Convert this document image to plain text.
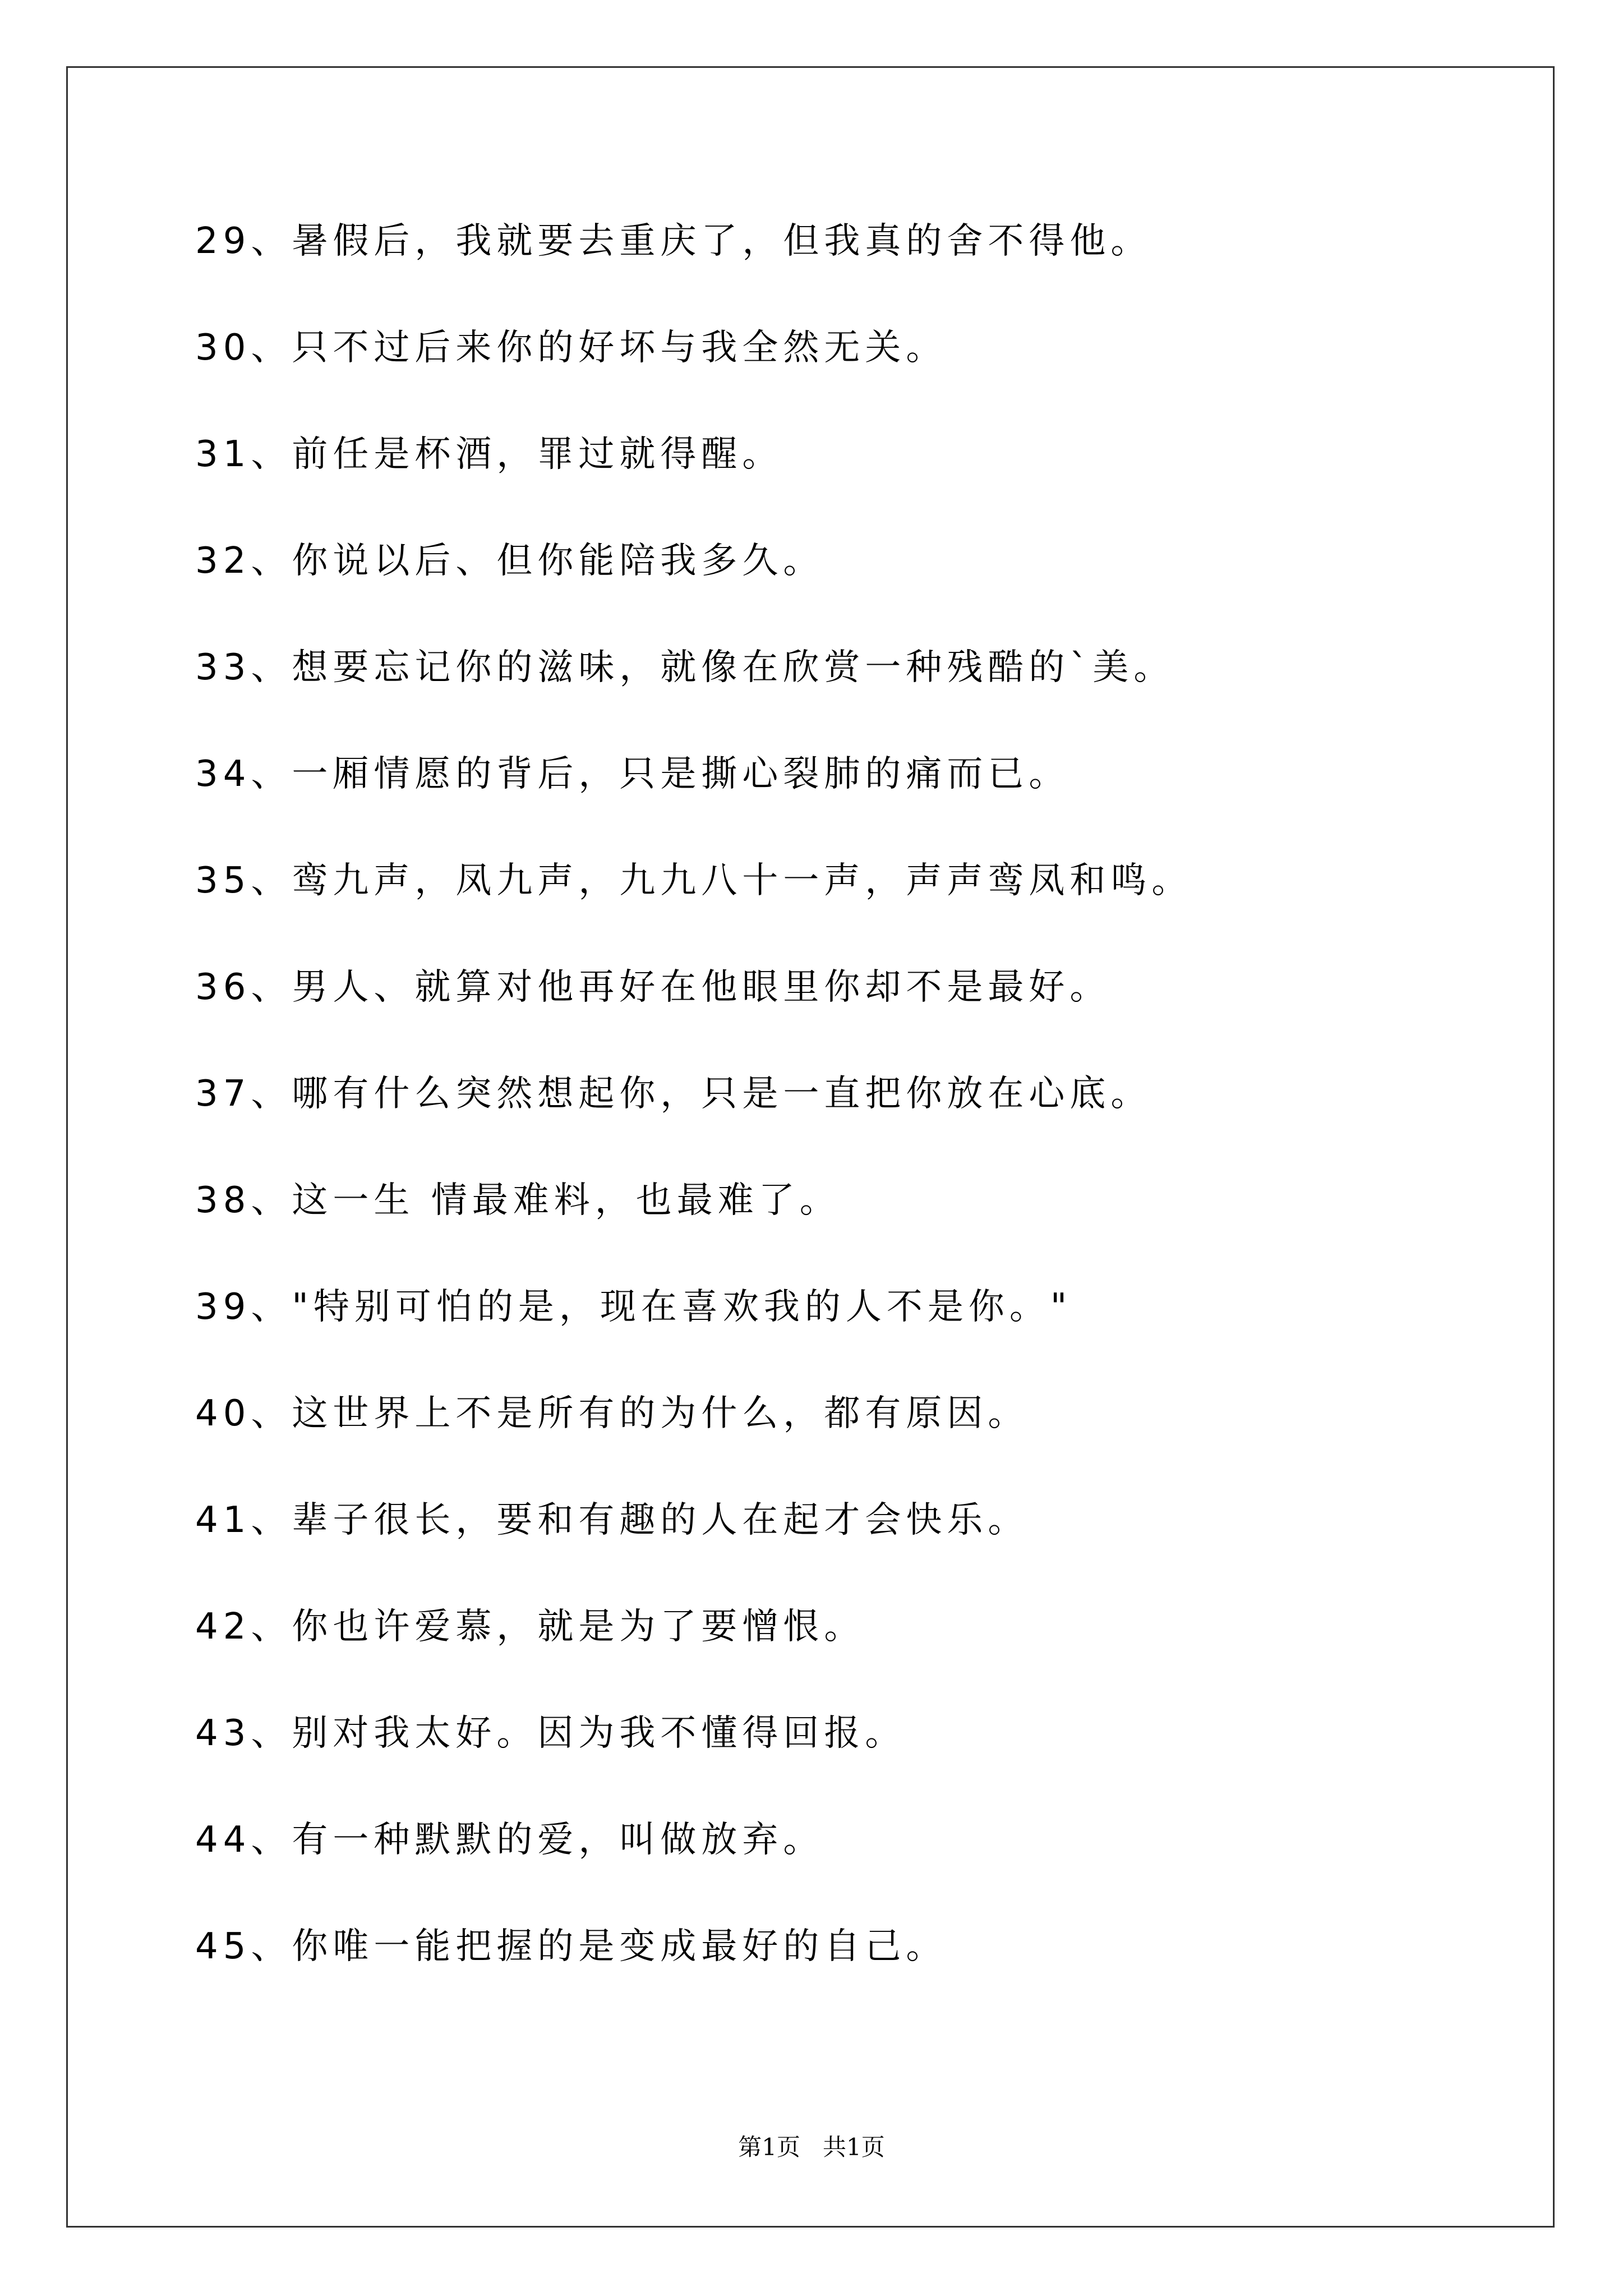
29、暑假后，我就要去重庆了，但我真的舍不得他。
30、只不过后来你的好坏与我全然无关。
31、前任是杯酒，罪过就得醒。
32、你说以后、但你能陪我多久。
33、想要忘记你的滋味，就像在欣赏一种残酷的`美。
34、一厢情愿的背后，只是撕心裂肺的痛而已。
35、鸾九声，凤九声，九九八十一声，声声鸾凤和鸣。
36、男人、就算对他再好在他眼里你却不是最好。
37、哪有什么突然想起你，只是一直把你放在心底。
38、这一生 情最难料，也最难了。
39、"特别可怕的是，现在喜欢我的人不是你。"
40、这世界上不是所有的为什么，都有原因。
41、辈子很长，要和有趣的人在起才会快乐。
42、你也许爱慕，就是为了要憎恨。
43、别对我太好。因为我不懂得回报。
44、有一种默默的爱，叫做放弃。
45、你唯一能把握的是变成最好的自己。
第1页   共1页
